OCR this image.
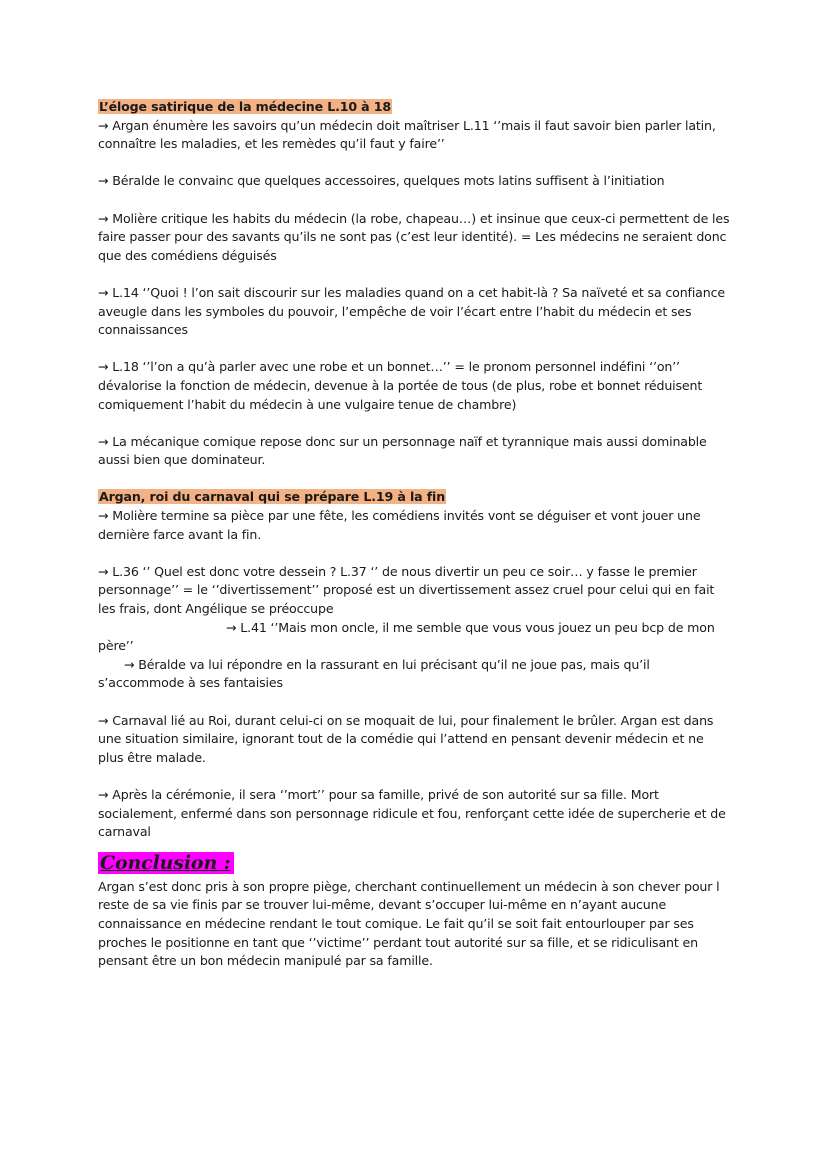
L’éloge satirique de la médecine L.10 à 18

→ Argan énumère les savoirs qu’un médecin doit maîtriser L.11 ‘’mais il faut savoir bien parler latin, connaître les maladies, et les remèdes qu’il faut y faire’’

→ Béralde le convainc que quelques accessoires, quelques mots latins suffisent à l’initiation

→ Molière critique les habits du médecin (la robe, chapeau…) et insinue que ceux-ci permettent de les faire passer pour des savants qu’ils ne sont pas (c’est leur identité). = Les médecins ne seraient donc que des comédiens déguisés

→ L.14 ‘’Quoi ! l’on sait discourir sur les maladies quand on a cet habit-là ? Sa naïveté et sa confiance aveugle dans les symboles du pouvoir, l’empêche de voir l’écart entre l’habit du médecin et ses connaissances

→ L.18 ‘’l’on a qu’à parler avec une robe et un bonnet…’’ = le pronom personnel indéfini ‘’on’’ dévalorise la fonction de médecin, devenue à la portée de tous (de plus, robe et bonnet réduisent comiquement l’habit du médecin à une vulgaire tenue de chambre)

→ La mécanique comique repose donc sur un personnage naïf et tyrannique mais aussi dominable aussi bien que dominateur.

Argan, roi du carnaval qui se prépare L.19 à la fin

→ Molière termine sa pièce par une fête, les comédiens invités vont se déguiser et vont jouer une dernière farce avant la fin.

→ L.36 ‘’ Quel est donc votre dessein ? L.37 ‘’ de nous divertir un peu ce soir… y fasse le premier personnage’’ = le ‘’divertissement’’ proposé est un divertissement assez cruel pour celui qui en fait les frais, dont Angélique se préoccupe

→ L.41 ‘’Mais mon oncle, il me semble que vous vous jouez un peu bcp de mon

père’’

→ Béralde va lui répondre en la rassurant en lui précisant qu’il ne joue pas, mais qu’il

s’accommode à ses fantaisies

→ Carnaval lié au Roi, durant celui-ci on se moquait de lui, pour finalement le brûler. Argan est dans une situation similaire, ignorant tout de la comédie qui l’attend en pensant devenir médecin et ne plus être malade.

→ Après la cérémonie, il sera ‘’mort’’ pour sa famille, privé de son autorité sur sa fille. Mort socialement, enfermé dans son personnage ridicule et fou, renforçant cette idée de supercherie et de carnaval

Conclusion :

Argan s’est donc pris à son propre piège, cherchant continuellement un médecin à son chever pour l reste de sa vie finis par se trouver lui-même, devant s’occuper lui-même en n’ayant aucune connaissance en médecine rendant le tout comique. Le fait qu’il se soit fait entourlouper par ses proches le positionne en tant que ‘’victime’’ perdant tout autorité sur sa fille, et se ridiculisant en pensant être un bon médecin manipulé par sa famille.
